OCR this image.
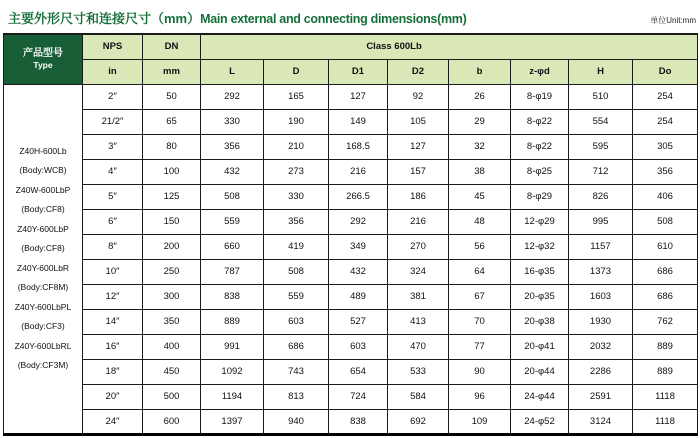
主要外形尺寸和连接尺寸（mm）Main external and connecting dimensions(mm)	单位Unit:mm
产品型号
Type	NPS	DN	Class 600Lb							
	in	mm	L	D	D1	D2	b	z-φd	H	Do

Z40H-600Lb
(Body:WCB)
Z40W-600LbP
(Body:CF8)
Z40Y-600LbP
(Body:CF8)
Z40Y-600LbR
(Body:CF8M)
Z40Y-600LbPL
(Body:CF3)
Z40Y-600LbRL
(Body:CF3M)
	2″	50	292	165	127	92	26	8-φ19	510	254
	21/2″	65	330	190	149	105	29	8-φ22	554	254
	3″	80	356	210	168.5	127	32	8-φ22	595	305
	4″	100	432	273	216	157	38	8-φ25	712	356
	5″	125	508	330	266.5	186	45	8-φ29	826	406
	6″	150	559	356	292	216	48	12-φ29	995	508
	8″	200	660	419	349	270	56	12-φ32	1157	610
	10″	250	787	508	432	324	64	16-φ35	1373	686
	12″	300	838	559	489	381	67	20-φ35	1603	686
	14″	350	889	603	527	413	70	20-φ38	1930	762
	16″	400	991	686	603	470	77	20-φ41	2032	889
	18″	450	1092	743	654	533	90	20-φ44	2286	889
	20″	500	1194	813	724	584	96	24-φ44	2591	1118
	24″	600	1397	940	838	692	109	24-φ52	3124	1118
